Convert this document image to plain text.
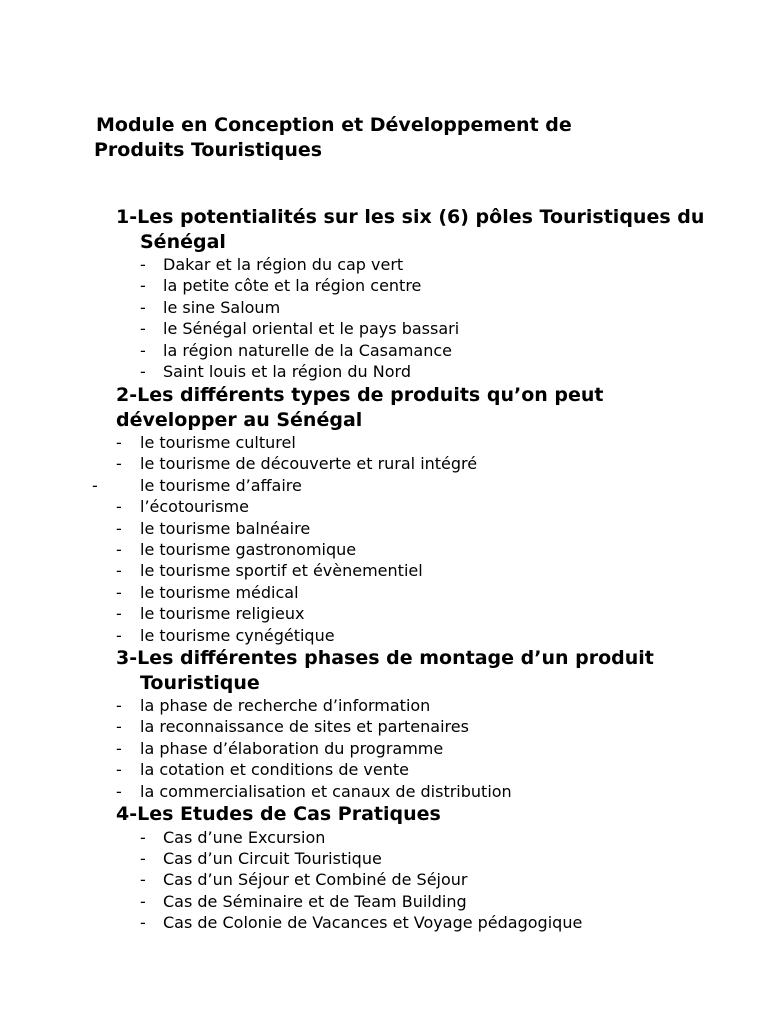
Module en Conception et Développement de
Produits Touristiques
1-Les potentialités sur les six (6) pôles Touristiques du Sénégal
- Dakar et la région du cap vert
- la petite côte et la région centre
- le sine Saloum
- le Sénégal oriental et le pays bassari
- la région naturelle de la Casamance
- Saint louis et la région du Nord
2-Les différents types de produits qu’on peut développer au Sénégal
- le tourisme culturel
- le tourisme de découverte et rural intégré
-	le tourisme d’affaire
- l’écotourisme
- le tourisme balnéaire
- le tourisme gastronomique
- le tourisme sportif et évènementiel
- le tourisme médical
- le tourisme religieux
- le tourisme cynégétique
3-Les différentes phases de montage d’un produit Touristique
- la phase de recherche d’information
- la reconnaissance de sites et partenaires
- la phase d’élaboration du programme
- la cotation et conditions de vente
- la commercialisation et canaux de distribution
4-Les Etudes de Cas Pratiques
- Cas d’une Excursion
- Cas d’un Circuit Touristique
- Cas d’un Séjour et Combiné de Séjour
- Cas de Séminaire et de Team Building
- Cas de Colonie de Vacances et Voyage pédagogique
